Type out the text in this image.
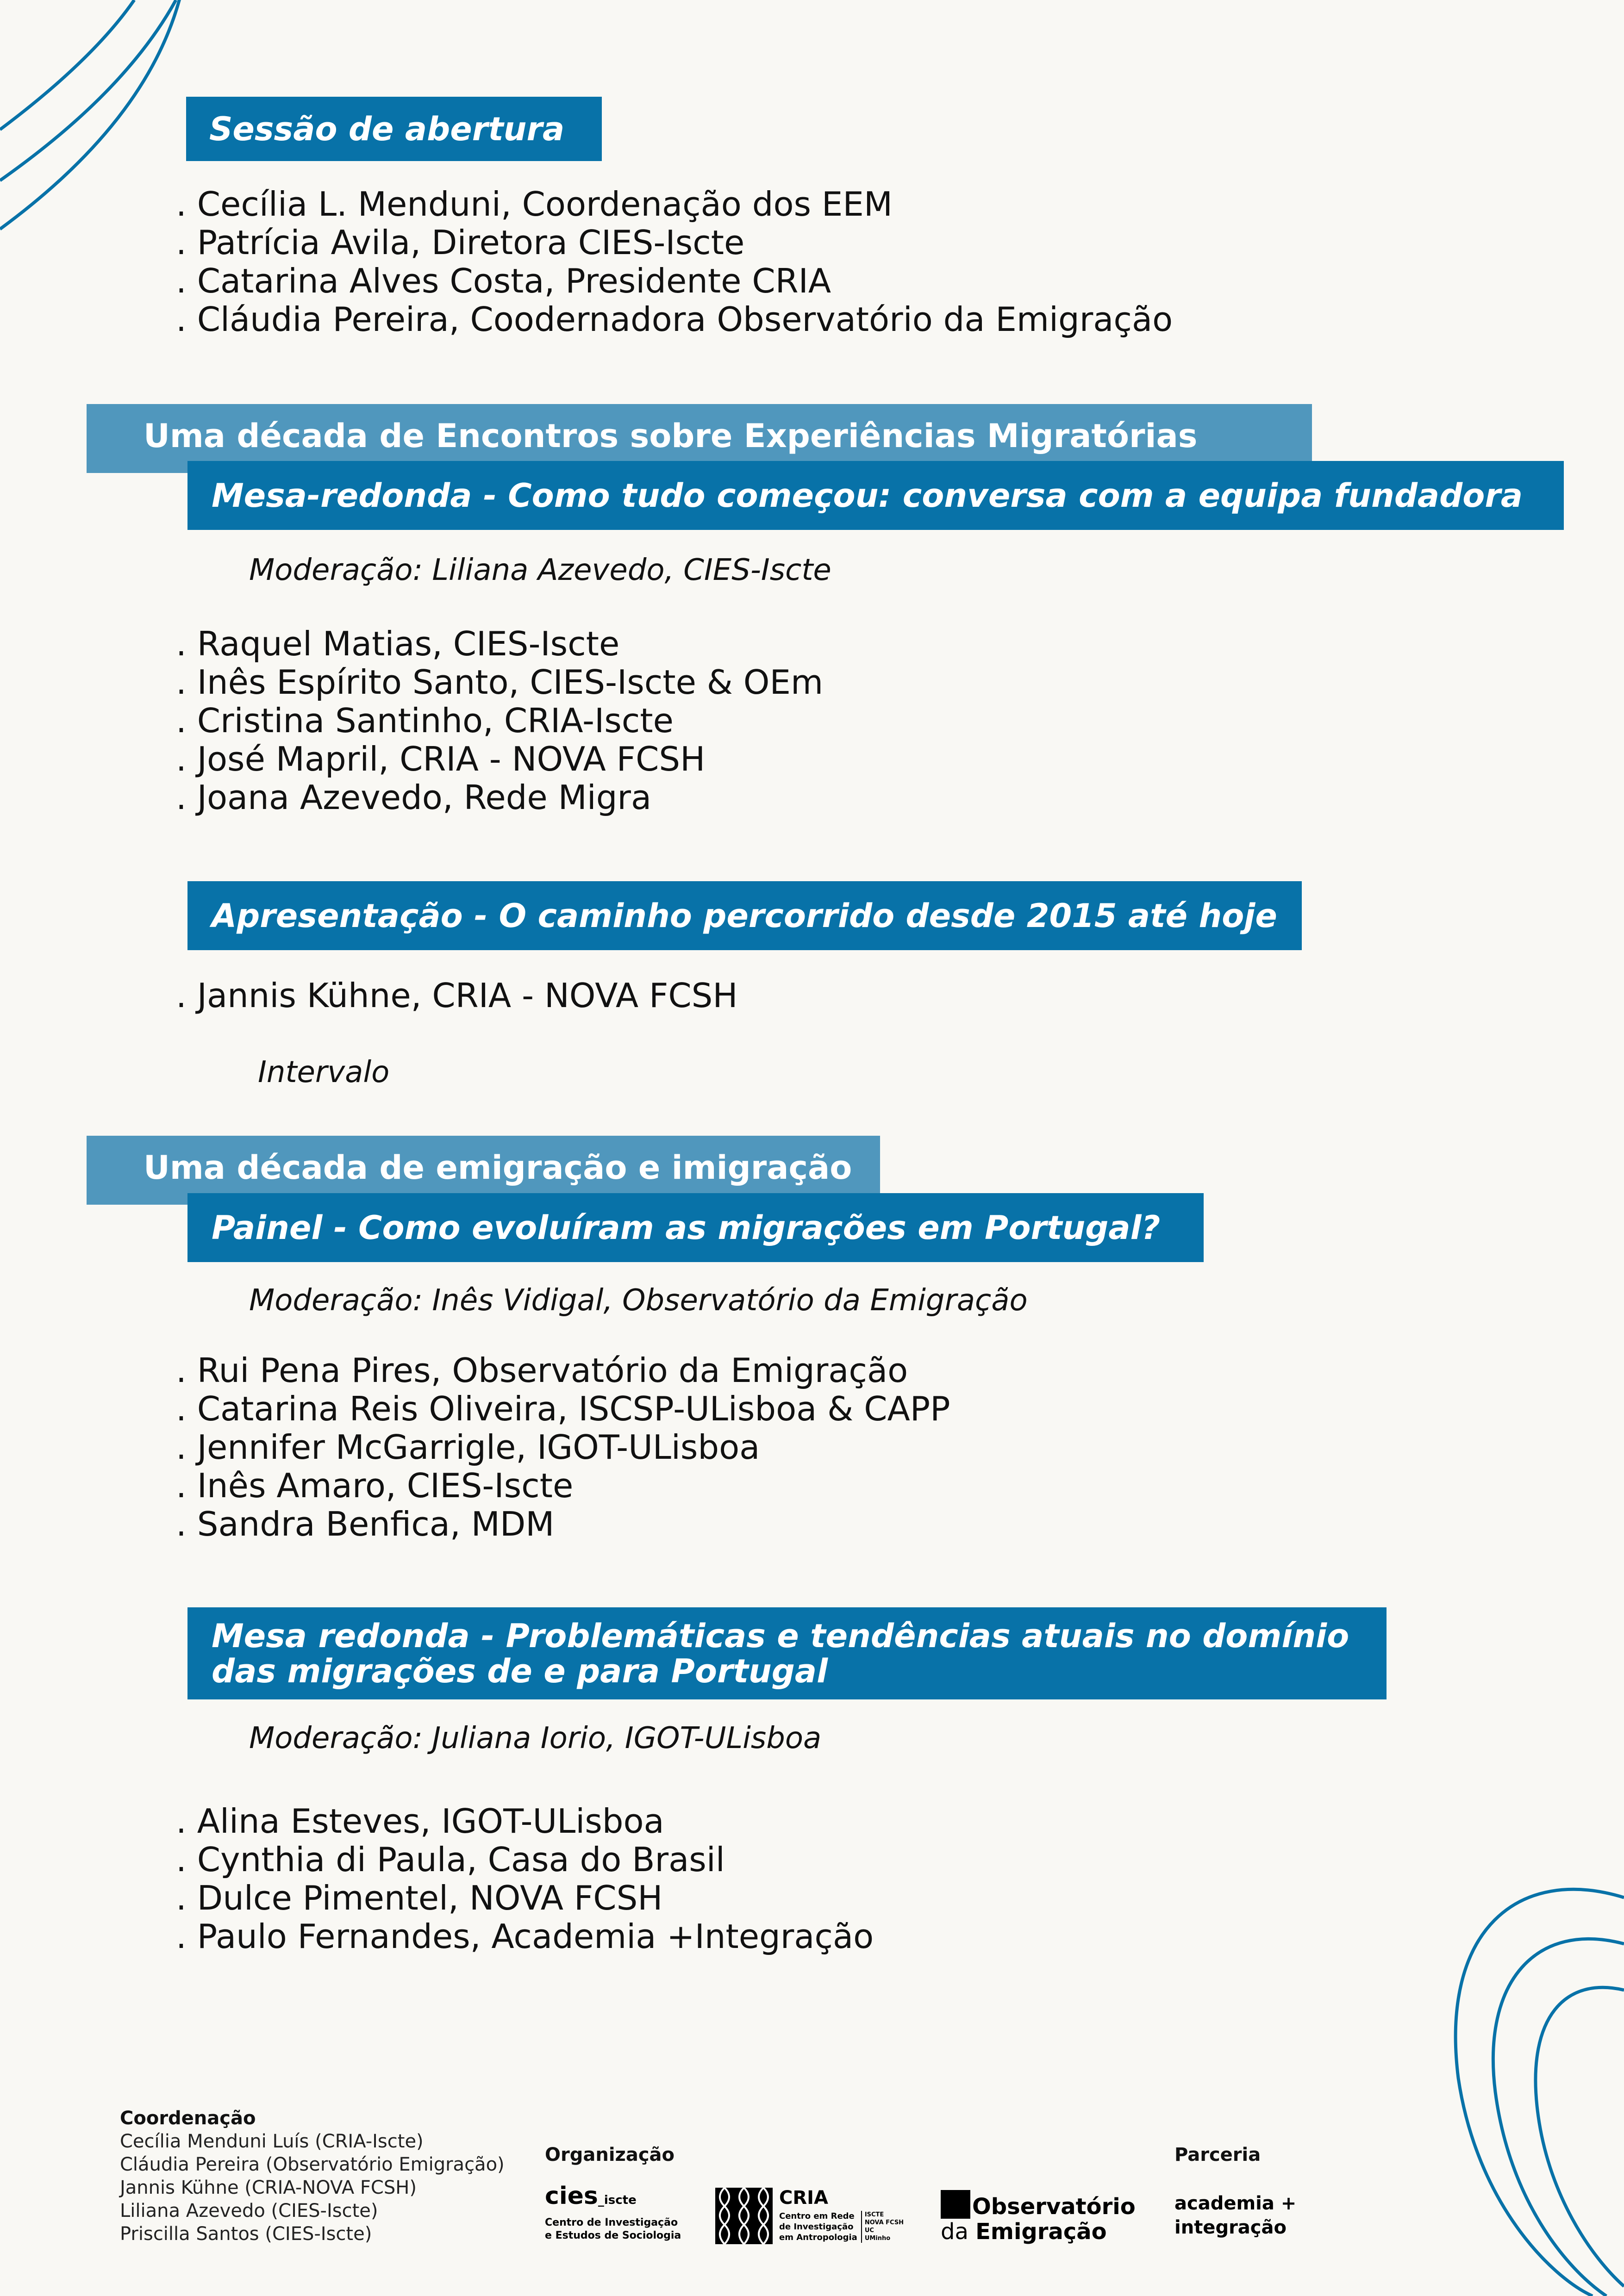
Sessão de abertura
. Cecília L. Menduni, Coordenação dos EEM
. Patrícia Avila, Diretora CIES-Iscte
. Catarina Alves Costa, Presidente CRIA
. Cláudia Pereira, Coodernadora Observatório da Emigração
Uma década de Encontros sobre Experiências Migratórias
Mesa-redonda - Como tudo começou: conversa com a equipa fundadora
Moderação: Liliana Azevedo, CIES-Iscte
. Raquel Matias, CIES-Iscte
. Inês Espírito Santo, CIES-Iscte & OEm
. Cristina Santinho, CRIA-Iscte
. José Mapril, CRIA - NOVA FCSH
. Joana Azevedo, Rede Migra
Apresentação - O caminho percorrido desde 2015 até hoje
. Jannis Kühne, CRIA - NOVA FCSH
Intervalo
Uma década de emigração e imigração
Painel - Como evoluíram as migrações em Portugal?
Moderação: Inês Vidigal, Observatório da Emigração
. Rui Pena Pires, Observatório da Emigração
. Catarina Reis Oliveira, ISCSP-ULisboa & CAPP
. Jennifer McGarrigle, IGOT-ULisboa
. Inês Amaro, CIES-Iscte
. Sandra Benfica, MDM
Mesa redonda - Problemáticas e tendências atuais no domínio
das migrações de e para Portugal
Moderação: Juliana Iorio, IGOT-ULisboa
. Alina Esteves, IGOT-ULisboa
. Cynthia di Paula, Casa do Brasil
. Dulce Pimentel, NOVA FCSH
. Paulo Fernandes, Academia +Integração
Coordenação
Cecília Menduni Luís (CRIA-Iscte)
Cláudia Pereira (Observatório Emigração)
Jannis Kühne (CRIA-NOVA FCSH)
Liliana Azevedo (CIES-Iscte)
Priscilla Santos (CIES-Iscte)
Organização
cies_iscte
Centro de Investigação
e Estudos de Sociologia
CRIA
Centro em Rede
de Investigação
em Antropologia
ISCTE
NOVA FCSH
UC
UMinho
Observatório
da Emigração
Parceria
academia +
integração
